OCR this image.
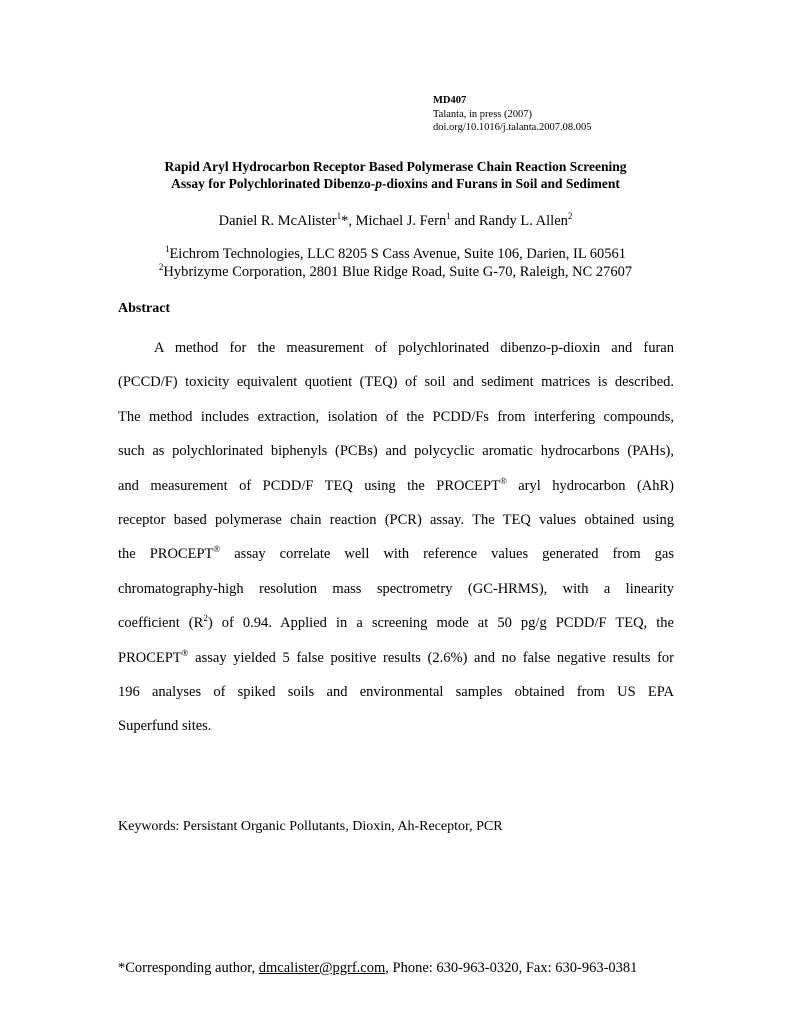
MD407
Talanta, in press (2007)
doi.org/10.1016/j.talanta.2007.08.005
Rapid Aryl Hydrocarbon Receptor Based Polymerase Chain Reaction Screening
Assay for Polychlorinated Dibenzo-p-dioxins and Furans in Soil and Sediment
Daniel R. McAlister$^1$*, Michael J. Fern$^1$ and Randy L. Allen$^2$
$^1$Eichrom Technologies, LLC 8205 S Cass Avenue, Suite 106, Darien, IL 60561
$^2$Hybrizyme Corporation, 2801 Blue Ridge Road, Suite G-70, Raleigh, NC 27607
Abstract
A method for the measurement of polychlorinated dibenzo-p-dioxin and furan
(PCCD/F) toxicity equivalent quotient (TEQ) of soil and sediment matrices is described.
The method includes extraction, isolation of the PCDD/Fs from interfering compounds,
such as polychlorinated biphenyls (PCBs) and polycyclic aromatic hydrocarbons (PAHs),
and measurement of PCDD/F TEQ using the PROCEPT® aryl hydrocarbon (AhR)
receptor based polymerase chain reaction (PCR) assay. The TEQ values obtained using
the PROCEPT® assay correlate well with reference values generated from gas
chromatography-high resolution mass spectrometry (GC-HRMS), with a linearity
coefficient $(R^2)$ of 0.94. Applied in a screening mode at 50 pg/g PCDD/F TEQ, the
PROCEPT® assay yielded 5 false positive results (2.6%) and no false negative results for
196 analyses of spiked soils and environmental samples obtained from US EPA
Superfund sites.
Keywords: Persistant Organic Pollutants, Dioxin, Ah-Receptor, PCR
*Corresponding author, dmcalister@pgrf.com, Phone: 630-963-0320, Fax: 630-963-0381
